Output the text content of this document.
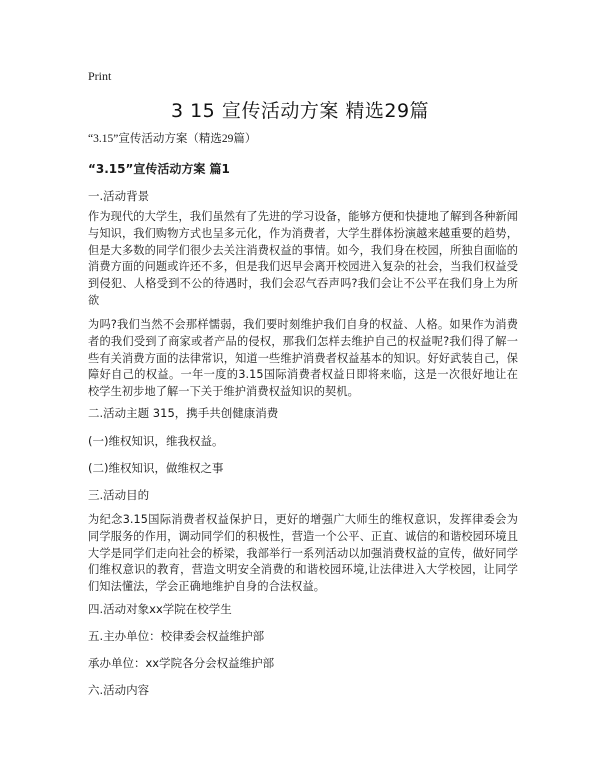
Print
3 15 宣传活动方案 精选29篇
“3.15”宣传活动方案（精选29篇）
“3.15”宣传活动方案 篇1
一.活动背景
作为现代的大学生，我们虽然有了先进的学习设备，能够方便和快捷地了解到各种新闻与知识，我们购物方式也呈多元化，作为消费者，大学生群体扮演越来越重要的趋势，但是大多数的同学们很少去关注消费权益的事情。如今，我们身在校园，所独自面临的消费方面的问题或许还不多，但是我们迟早会离开校园进入复杂的社会，当我们权益受到侵犯、人格受到不公的待遇时，我们会忍气吞声吗?我们会让不公平在我们身上为所欲
为吗?我们当然不会那样懦弱，我们要时刻维护我们自身的权益、人格。如果作为消费者的我们受到了商家或者产品的侵权，那我们怎样去维护自己的权益呢?我们得了解一些有关消费方面的法律常识，知道一些维护消费者权益基本的知识。好好武装自己，保障好自己的权益。一年一度的3.15国际消费者权益日即将来临，这是一次很好地让在校学生初步地了解一下关于维护消费权益知识的契机。
二.活动主题 315，携手共创健康消费
(一)维权知识，维我权益。
(二)维权知识，做维权之事
三.活动目的
为纪念3.15国际消费者权益保护日，更好的增强广大师生的维权意识，发挥律委会为同学服务的作用，调动同学们的积极性，营造一个公平、正直、诚信的和谐校园环境且大学是同学们走向社会的桥梁，我部举行一系列活动以加强消费权益的宣传，做好同学们维权意识的教育，营造文明安全消费的和谐校园环境,让法律进入大学校园，让同学们知法懂法，学会正确地维护自身的合法权益。
四.活动对象xx学院在校学生
五.主办单位：校律委会权益维护部
承办单位：xx学院各分会权益维护部
六.活动内容
